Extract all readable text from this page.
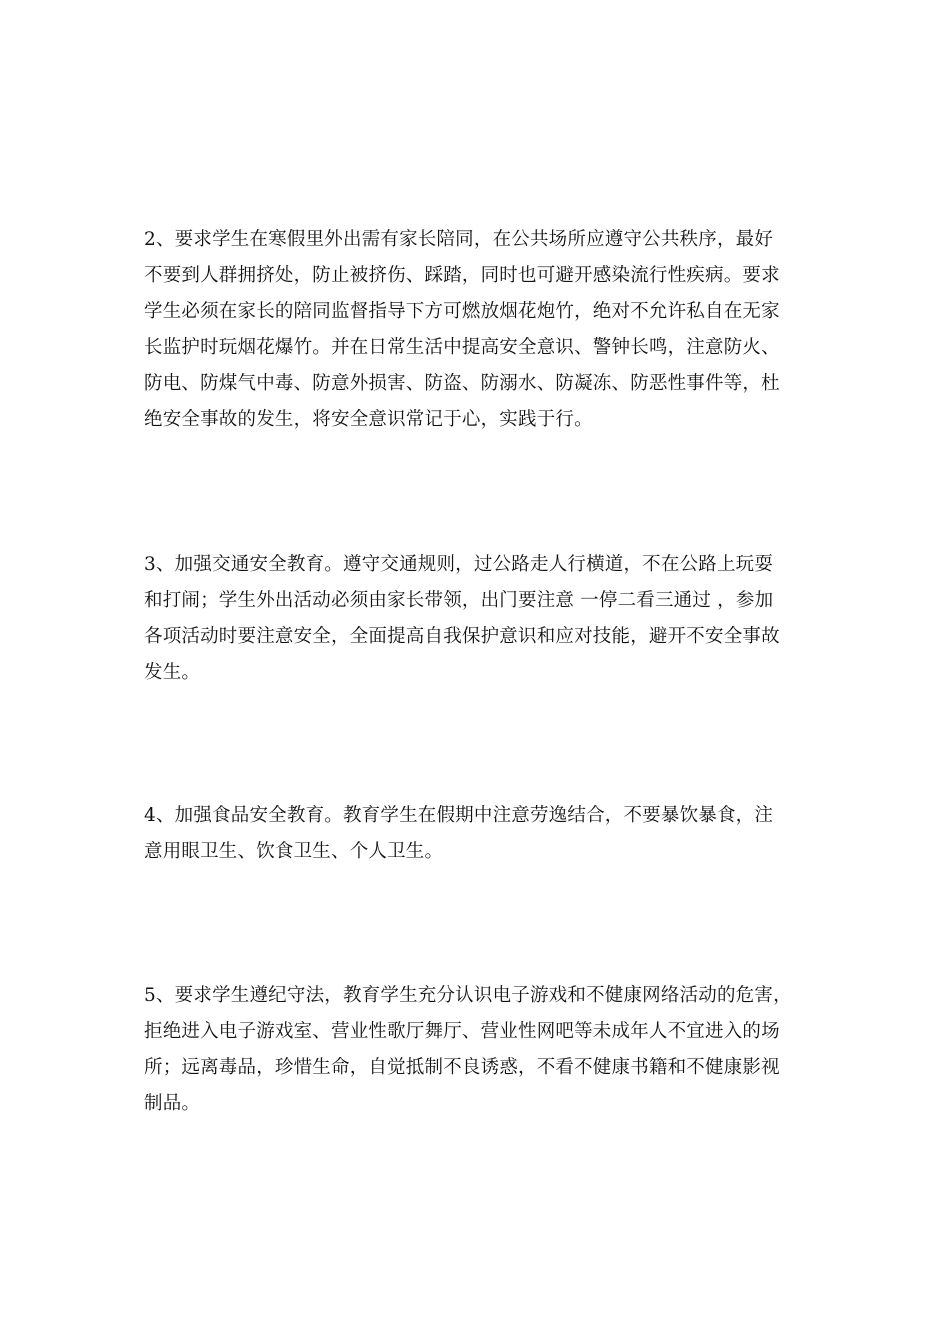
2、要求学生在寒假里外出需有家长陪同，在公共场所应遵守公共秩序，最好
不要到人群拥挤处，防止被挤伤、踩踏，同时也可避开感染流行性疾病。要求
学生必须在家长的陪同监督指导下方可燃放烟花炮竹，绝对不允许私自在无家
长监护时玩烟花爆竹。并在日常生活中提高安全意识、警钟长鸣，注意防火、
防电、防煤气中毒、防意外损害、防盗、防溺水、防凝冻、防恶性事件等，杜
绝安全事故的发生，将安全意识常记于心，实践于行。
3、加强交通安全教育。遵守交通规则，过公路走人行横道，不在公路上玩耍
和打闹；学生外出活动必须由家长带领，出门要注意 一停二看三通过 ，参加
各项活动时要注意安全，全面提高自我保护意识和应对技能，避开不安全事故
发生。
4、加强食品安全教育。教育学生在假期中注意劳逸结合，不要暴饮暴食，注
意用眼卫生、饮食卫生、个人卫生。
5、要求学生遵纪守法，教育学生充分认识电子游戏和不健康网络活动的危害，
拒绝进入电子游戏室、营业性歌厅舞厅、营业性网吧等未成年人不宜进入的场
所；远离毒品，珍惜生命，自觉抵制不良诱惑，不看不健康书籍和不健康影视
制品。
